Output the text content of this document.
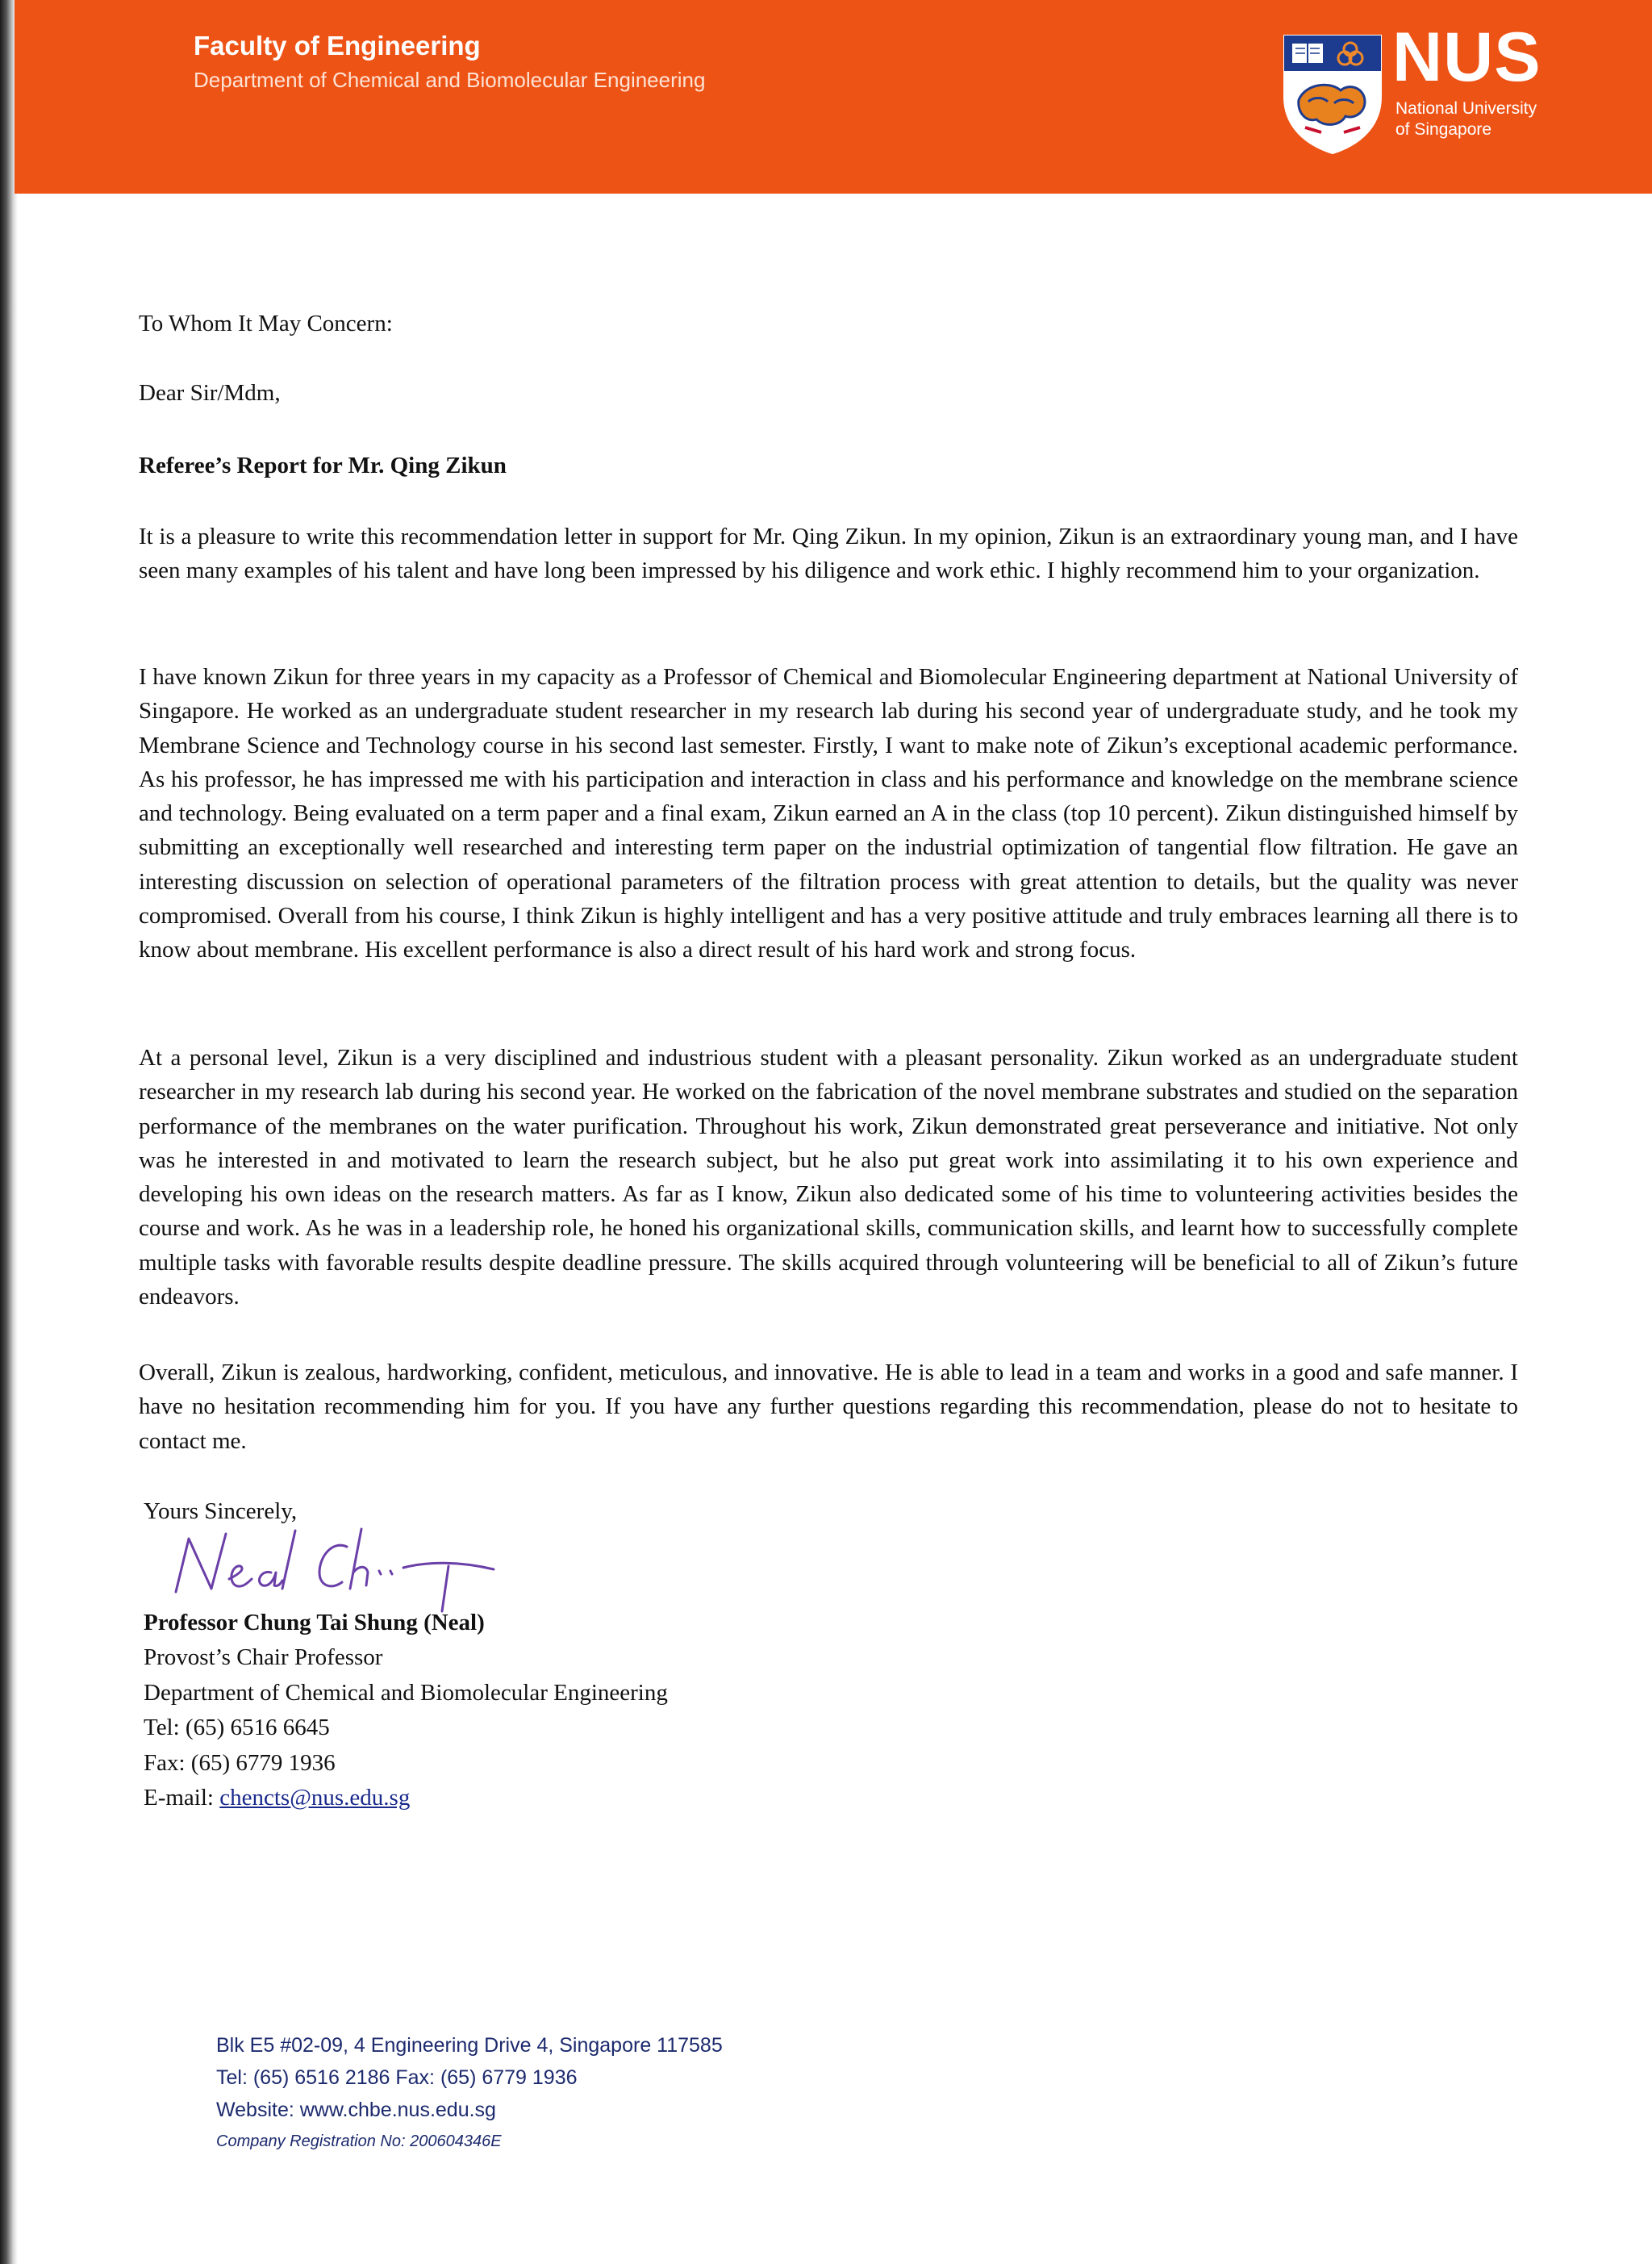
Faculty of Engineering
Department of Chemical and Biomolecular Engineering	NUS
National University
of Singapore
To Whom It May Concern:
Dear Sir/Mdm,
Referee’s Report for Mr. Qing Zikun

It is a pleasure to write this recommendation letter in support for Mr. Qing Zikun. In my opinion, Zikun is an extraordinary young man, and I have seen many examples of his talent and have long been impressed by his diligence and work ethic. I highly recommend him to your organization.

I have known Zikun for three years in my capacity as a Professor of Chemical and Biomolecular Engineering department at National University of Singapore. He worked as an undergraduate student researcher in my research lab during his second year of undergraduate study, and he took my Membrane Science and Technology course in his second last semester. Firstly, I want to make note of Zikun’s exceptional academic performance. As his professor, he has impressed me with his participation and interaction in class and his performance and knowledge on the membrane science and technology. Being evaluated on a term paper and a final exam, Zikun earned an A in the class (top 10 percent). Zikun distinguished himself by submitting an exceptionally well researched and interesting term paper on the industrial optimization of tangential flow filtration. He gave an interesting discussion on selection of operational parameters of the filtration process with great attention to details, but the quality was never compromised. Overall from his course, I think Zikun is highly intelligent and has a very positive attitude and truly embraces learning all there is to know about membrane. His excellent performance is also a direct result of his hard work and strong focus.

At a personal level, Zikun is a very disciplined and industrious student with a pleasant personality. Zikun worked as an undergraduate student researcher in my research lab during his second year. He worked on the fabrication of the novel membrane substrates and studied on the separation performance of the membranes on the water purification. Throughout his work, Zikun demonstrated great perseverance and initiative. Not only was he interested in and motivated to learn the research subject, but he also put great work into assimilating it to his own experience and developing his own ideas on the research matters. As far as I know, Zikun also dedicated some of his time to volunteering activities besides the course and work. As he was in a leadership role, he honed his organizational skills, communication skills, and learnt how to successfully complete multiple tasks with favorable results despite deadline pressure. The skills acquired through volunteering will be beneficial to all of Zikun’s future endeavors.

Overall, Zikun is zealous, hardworking, confident, meticulous, and innovative. He is able to lead in a team and works in a good and safe manner. I have no hesitation recommending him for you. If you have any further questions regarding this recommendation, please do not to hesitate to contact me.

Yours Sincerely,
Professor Chung Tai Shung (Neal)
Provost’s Chair Professor
Department of Chemical and Biomolecular Engineering
Tel: (65) 6516 6645
Fax: (65) 6779 1936
E-mail: chencts@nus.edu.sg
Blk E5 #02-09, 4 Engineering Drive 4, Singapore 117585
Tel: (65) 6516 2186 Fax: (65) 6779 1936
Website: www.chbe.nus.edu.sg
Company Registration No: 200604346E
